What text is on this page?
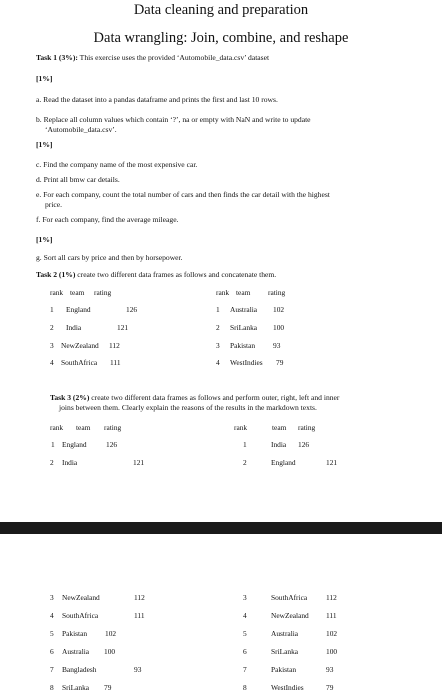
Data cleaning and preparation
Data wrangling: Join, combine, and reshape
Task 1 (3%): This exercise uses the provided ‘Automobile_data.csv’ dataset
[1%]
a. Read the dataset into a pandas dataframe and prints the first and last 10 rows.
b. Replace all column values which contain ‘?’, na or empty with NaN and write to update
‘Automobile_data.csv’.
[1%]
c. Find the company name of the most expensive car.
d. Print all bmw car details.
e. For each company, count the total number of cars and then finds the car detail with the highest
price.
f. For each company, find the average mileage.
[1%]
g. Sort all cars by price and then by horsepower.
Task 2 (1%) create two different data frames as follows and concatenate them.
rank team rating	rank team rating
1 England	126
2 India	121
3 NewZealand 112
4 SouthAfrica 111
1 Australia 102
2 SriLanka 100
3 Pakistan 93
4 WestIndies 79
Task 3 (2%) create two different data frames as follows and perform outer, right, left and inner
joins between them. Clearly explain the reasons of the results in the markdown texts.
rank team rating	rank	team rating
1 England	126
2 India	121
1	India 126
2	England	121
3 NewZealand	112
4 SouthAfrica	111
5 Pakistan 102
6 Australia 100
7 Bangladesh	93
8 SriLanka 79
3	SouthAfrica	112
4	NewZealand 111
5	Australia	102
6	SriLanka	100
7	Pakistan	93
8	WestIndies	79
